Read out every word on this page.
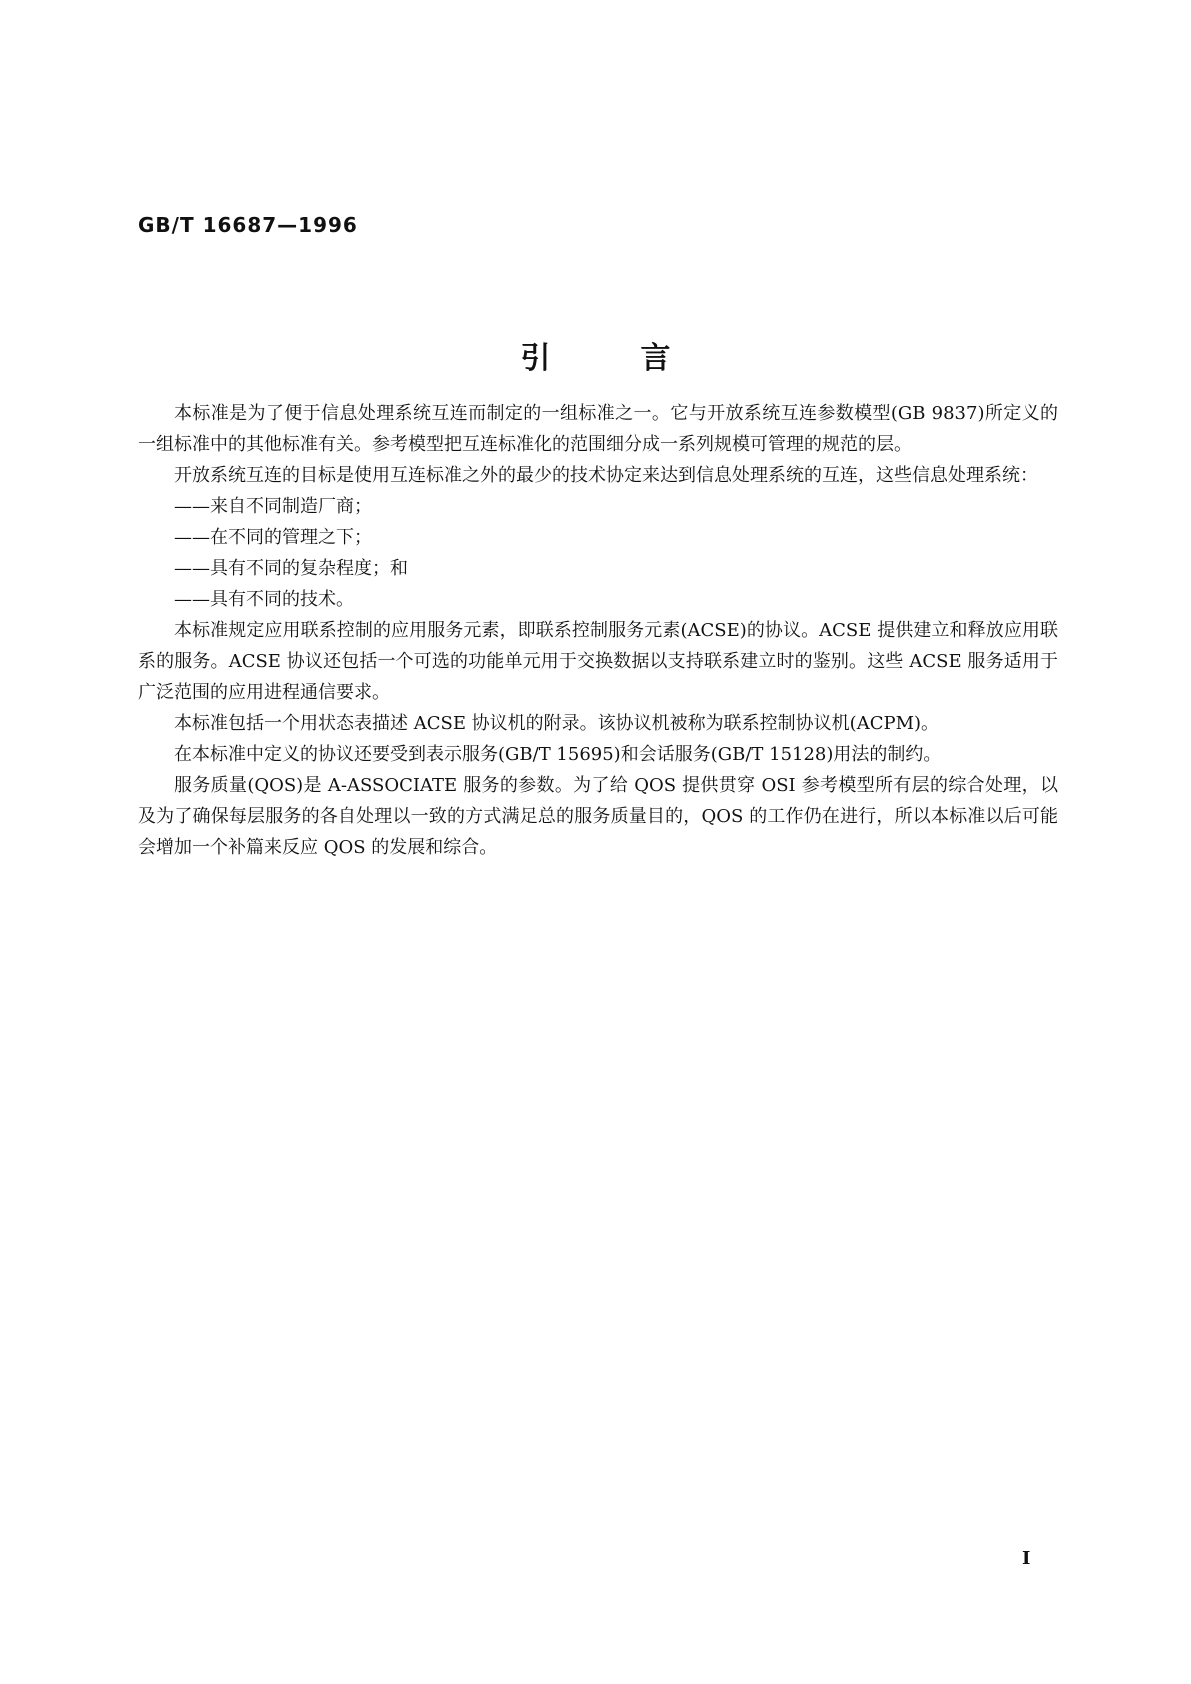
GB/T 16687—1996
引	言

本标准是为了便于信息处理系统互连而制定的一组标准之一。它与开放系统互连参数模型(GB 9837)所定义的一组标准中的其他标准有关。参考模型把互连标准化的范围细分成一系列规模可管理的规范的层。

开放系统互连的目标是使用互连标准之外的最少的技术协定来达到信息处理系统的互连，这些信息处理系统：

——来自不同制造厂商；
——在不同的管理之下；
——具有不同的复杂程度；和
——具有不同的技术。

本标准规定应用联系控制的应用服务元素，即联系控制服务元素(ACSE)的协议。ACSE 提供建立和释放应用联系的服务。ACSE 协议还包括一个可选的功能单元用于交换数据以支持联系建立时的鉴别。这些 ACSE 服务适用于广泛范围的应用进程通信要求。

本标准包括一个用状态表描述 ACSE 协议机的附录。该协议机被称为联系控制协议机(ACPM)。

在本标准中定义的协议还要受到表示服务(GB/T 15695)和会话服务(GB/T 15128)用法的制约。

服务质量(QOS)是 A-ASSOCIATE 服务的参数。为了给 QOS 提供贯穿 OSI 参考模型所有层的综合处理，以及为了确保每层服务的各自处理以一致的方式满足总的服务质量目的，QOS 的工作仍在进行，所以本标准以后可能会增加一个补篇来反应 QOS 的发展和综合。

Ⅰ
